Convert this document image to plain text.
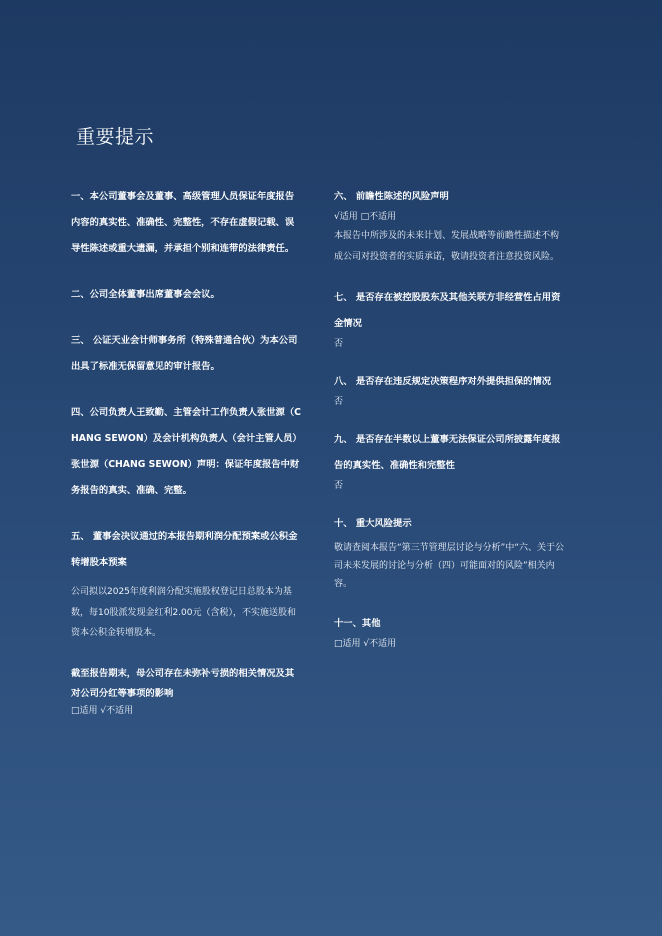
重要提示

一、本公司董事会及董事、高级管理人员保证年度报告内容的真实性、准确性、完整性，不存在虚假记载、误导性陈述或重大遗漏，并承担个别和连带的法律责任。

二、公司全体董事出席董事会会议。

三、 公证天业会计师事务所（特殊普通合伙）为本公司出具了标准无保留意见的审计报告。

四、公司负责人王致勤、主管会计工作负责人张世源（CHANG SEWON）及会计机构负责人（会计主管人员）张世源（CHANG SEWON）声明：保证年度报告中财务报告的真实、准确、完整。

五、 董事会决议通过的本报告期利润分配预案或公积金转增股本预案

公司拟以2025年度利润分配实施股权登记日总股本为基数，每10股派发现金红利2.00元（含税），不实施送股和资本公积金转增股本。

截至报告期末，母公司存在未弥补亏损的相关情况及其对公司分红等事项的影响

□适用 √不适用

六、 前瞻性陈述的风险声明

√适用 □不适用

本报告中所涉及的未来计划、发展战略等前瞻性描述不构成公司对投资者的实质承诺，敬请投资者注意投资风险。

七、 是否存在被控股股东及其他关联方非经营性占用资金情况

否

八、 是否存在违反规定决策程序对外提供担保的情况

否

九、 是否存在半数以上董事无法保证公司所披露年度报告的真实性、准确性和完整性

否

十、 重大风险提示

敬请查阅本报告“第三节管理层讨论与分析”中“六、关于公司未来发展的讨论与分析（四）可能面对的风险”相关内容。

十一、其他

□适用 √不适用
